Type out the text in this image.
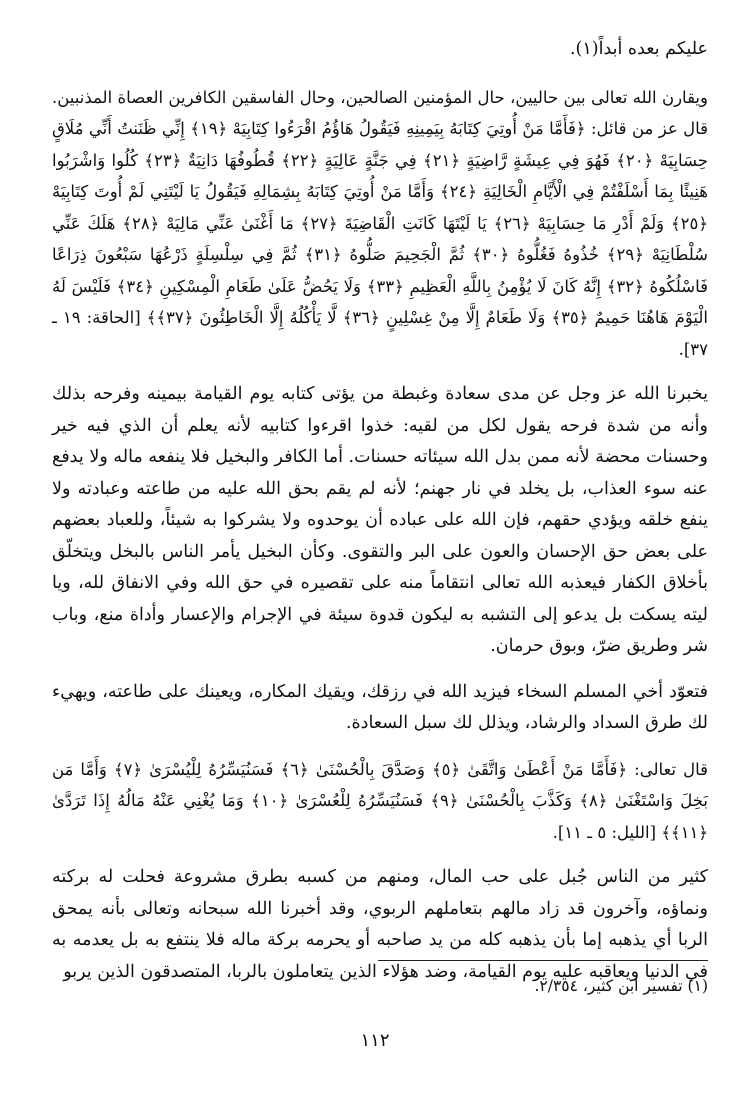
عليكم بعده أبداً(١).

ويقارن الله تعالى بين حاليين، حال المؤمنين الصالحين، وحال الفاسقين الكافرين العصاة المذنبين. قال عز من قائل: ﴿فَأَمَّا مَنْ أُوتِيَ كِتَابَهُ بِيَمِينِهِ فَيَقُولُ هَاؤُمُ اقْرَءُوا كِتَابِيَهْ ﴿١٩﴾ إِنِّي ظَنَنتُ أَنِّي مُلَاقٍ حِسَابِيَهْ ﴿٢٠﴾ فَهُوَ فِي عِيشَةٍ رَّاضِيَةٍ ﴿٢١﴾ فِي جَنَّةٍ عَالِيَةٍ ﴿٢٢﴾ قُطُوفُهَا دَانِيَةٌ ﴿٢٣﴾ كُلُوا وَاشْرَبُوا هَنِيئًا بِمَا أَسْلَفْتُمْ فِي الْأَيَّامِ الْخَالِيَةِ ﴿٢٤﴾ وَأَمَّا مَنْ أُوتِيَ كِتَابَهُ بِشِمَالِهِ فَيَقُولُ يَا لَيْتَنِي لَمْ أُوتَ كِتَابِيَهْ ﴿٢٥﴾ وَلَمْ أَدْرِ مَا حِسَابِيَهْ ﴿٢٦﴾ يَا لَيْتَهَا كَانَتِ الْقَاضِيَةَ ﴿٢٧﴾ مَا أَغْنَىٰ عَنِّي مَالِيَهْ ﴿٢٨﴾ هَلَكَ عَنِّي سُلْطَانِيَهْ ﴿٢٩﴾ خُذُوهُ فَغُلُّوهُ ﴿٣٠﴾ ثُمَّ الْجَحِيمَ صَلُّوهُ ﴿٣١﴾ ثُمَّ فِي سِلْسِلَةٍ ذَرْعُهَا سَبْعُونَ ذِرَاعًا فَاسْلُكُوهُ ﴿٣٢﴾ إِنَّهُ كَانَ لَا يُؤْمِنُ بِاللَّهِ الْعَظِيمِ ﴿٣٣﴾ وَلَا يَحُضُّ عَلَىٰ طَعَامِ الْمِسْكِينِ ﴿٣٤﴾ فَلَيْسَ لَهُ الْيَوْمَ هَاهُنَا حَمِيمٌ ﴿٣٥﴾ وَلَا طَعَامٌ إِلَّا مِنْ غِسْلِينٍ ﴿٣٦﴾ لَّا يَأْكُلُهُ إِلَّا الْخَاطِئُونَ ﴿٣٧﴾﴾ [الحاقة: ١٩ ـ ٣٧].

يخبرنا الله عز وجل عن مدى سعادة وغبطة من يؤتى كتابه يوم القيامة بيمينه وفرحه بذلك وأنه من شدة فرحه يقول لكل من لقيه: خذوا اقرءوا كتابيه لأنه يعلم أن الذي فيه خير وحسنات محضة لأنه ممن بدل الله سيئاته حسنات. أما الكافر والبخيل فلا ينفعه ماله ولا يدفع عنه سوء العذاب، بل يخلد في نار جهنم؛ لأنه لم يقم بحق الله عليه من طاعته وعبادته ولا ينفع خلقه ويؤدي حقهم، فإن الله على عباده أن يوحدوه ولا يشركوا به شيئاً، وللعباد بعضهم على بعض حق الإحسان والعون على البر والتقوى. وكأن البخيل يأمر الناس بالبخل ويتخلّق بأخلاق الكفار فيعذبه الله تعالى انتقاماً منه على تقصيره في حق الله وفي الانفاق لله، ويا ليته يسكت بل يدعو إلى التشبه به ليكون قدوة سيئة في الإجرام والإعسار وأداة منع، وباب شر وطريق ضرّ، وبوق حرمان.

فتعوّد أخي المسلم السخاء فيزيد الله في رزقك، ويقيك المكاره، ويعينك على طاعته، ويهيء لك طرق السداد والرشاد، ويذلل لك سبل السعادة.

قال تعالى: ﴿فَأَمَّا مَنْ أَعْطَىٰ وَاتَّقَىٰ ﴿٥﴾ وَصَدَّقَ بِالْحُسْنَىٰ ﴿٦﴾ فَسَنُيَسِّرُهُ لِلْيُسْرَىٰ ﴿٧﴾ وَأَمَّا مَن بَخِلَ وَاسْتَغْنَىٰ ﴿٨﴾ وَكَذَّبَ بِالْحُسْنَىٰ ﴿٩﴾ فَسَنُيَسِّرُهُ لِلْعُسْرَىٰ ﴿١٠﴾ وَمَا يُغْنِي عَنْهُ مَالُهُ إِذَا تَرَدَّىٰ ﴿١١﴾﴾ [الليل: ٥ ـ ١١].

كثير من الناس جُبل على حب المال، ومنهم من كسبه بطرق مشروعة فحلت له بركته ونماؤه، وآخرون قد زاد مالهم بتعاملهم الربوي، وقد أخبرنا الله سبحانه وتعالى بأنه يمحق الربا أي يذهبه إما بأن يذهبه كله من يد صاحبه أو يحرمه بركة ماله فلا ينتفع به بل يعدمه به في الدنيا ويعاقبه عليه يوم القيامة، وضد هؤلاء الذين يتعاملون بالربا، المتصدقون الذين يربو

(١) تفسير ابن كثير، ٢/٣٥٤.
١١٢
